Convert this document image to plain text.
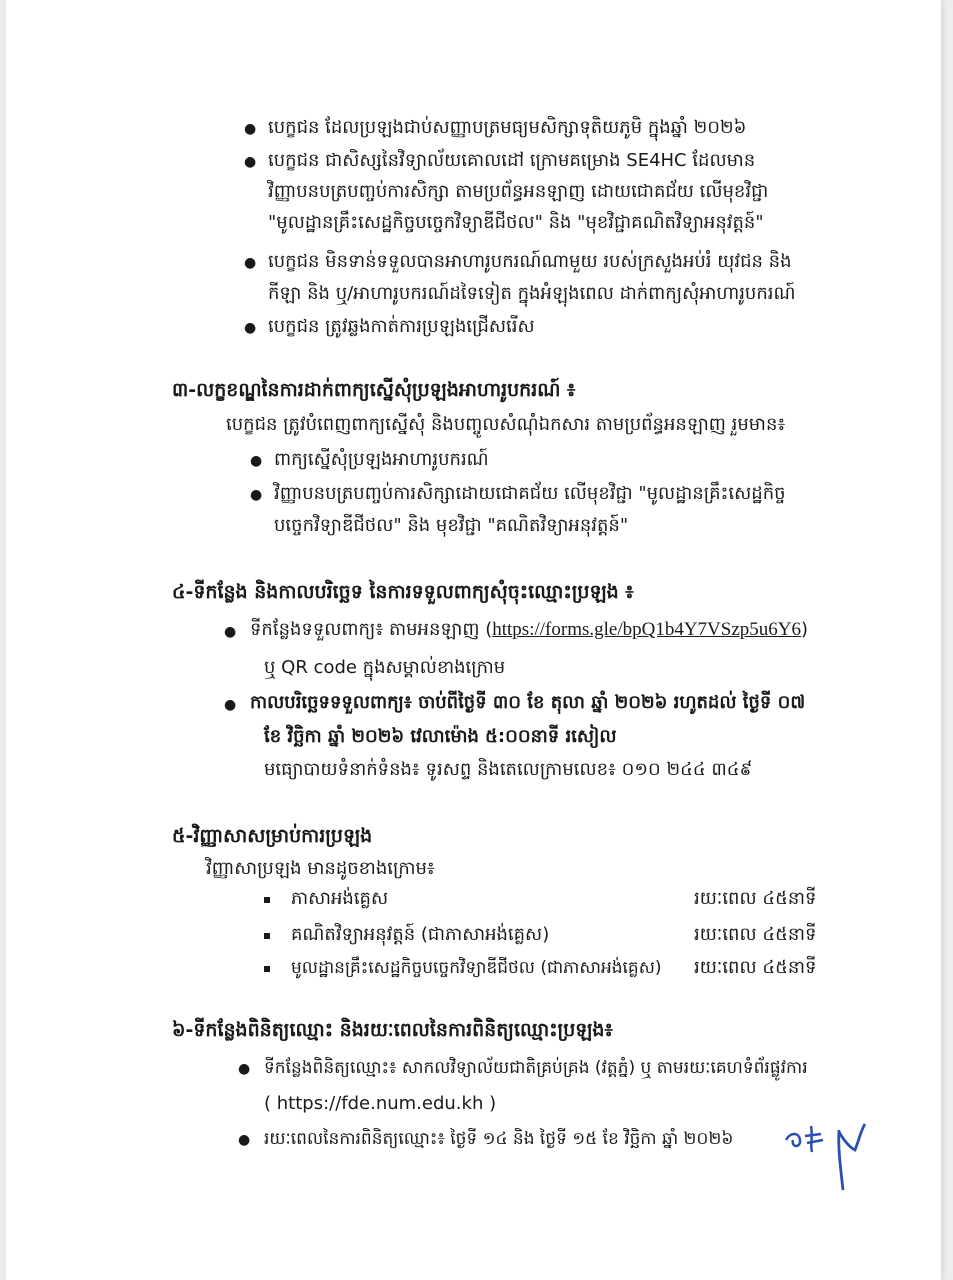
● បេក្ខជន ដែលប្រឡងជាប់សញ្ញាបត្រមធ្យមសិក្សាទុតិយភូមិ ក្នុងឆ្នាំ ២០២៦
● បេក្ខជន ជាសិស្សនៃវិទ្យាល័យគោលដៅ ក្រោមគម្រោង SE4HC ដែលមាន
វិញ្ញាបនបត្របញ្ចប់ការសិក្សា តាមប្រព័ន្ធអនឡាញ ដោយជោគជ័យ លើមុខវិជ្ជា
"មូលដ្ឋានគ្រឹះសេដ្ឋកិច្ចបច្ចេកវិទ្យាឌីជីថល" និង "មុខវិជ្ជាគណិតវិទ្យាអនុវត្តន៍"
● បេក្ខជន មិនទាន់ទទួលបានអាហារូបករណ៍ណាមួយ របស់ក្រសួងអប់រំ យុវជន និង
កីឡា និង ឬ/អាហារូបករណ៍ដទៃទៀត ក្នុងអំឡុងពេល ដាក់ពាក្យសុំអាហារូបករណ៍
● បេក្ខជន ត្រូវឆ្លងកាត់ការប្រឡងជ្រើសរើស
៣-លក្ខខណ្ឌនៃការដាក់ពាក្យស្នើសុំប្រឡងអាហារូបករណ៍ ៖
បេក្ខជន ត្រូវបំពេញពាក្យស្នើសុំ និងបញ្ចូលសំណុំឯកសារ តាមប្រព័ន្ធអនឡាញ រួមមាន៖
● ពាក្យស្នើសុំប្រឡងអាហារូបករណ៍
● វិញ្ញាបនបត្របញ្ចប់ការសិក្សាដោយជោគជ័យ លើមុខវិជ្ជា "មូលដ្ឋានគ្រឹះសេដ្ឋកិច្ច
បច្ចេកវិទ្យាឌីជីថល" និង មុខវិជ្ជា "គណិតវិទ្យាអនុវត្តន៍"
៤-ទីកន្លែង និងកាលបរិច្ឆេទ នៃការទទួលពាក្យសុំចុះឈ្មោះប្រឡង ៖
● ទីកន្លែងទទួលពាក្យ៖ តាមអនឡាញ (https://forms.gle/bpQ1b4Y7VSzp5u6Y6)
ឬ QR code ក្នុងសម្គាល់ខាងក្រោម
● កាលបរិច្ឆេទទទួលពាក្យ៖ ចាប់ពីថ្ងៃទី ៣០ ខែ តុលា ឆ្នាំ ២០២៦ រហូតដល់ ថ្ងៃទី ០៧
ខែ វិច្ឆិកា ឆ្នាំ ២០២៦ វេលាម៉ោង ៥:០០នាទី រសៀល
មធ្យោបាយទំនាក់ទំនង៖ ទូរសព្ទ និងតេលេក្រាមលេខ៖ ០១០ ២៤៤ ៣៤៩
៥-វិញ្ញាសាសម្រាប់ការប្រឡង
វិញ្ញាសាប្រឡង មានដូចខាងក្រោម៖
ភាសាអង់គ្លេស	រយៈពេល ៤៥នាទី
គណិតវិទ្យាអនុវត្តន៍ (ជាភាសាអង់គ្លេស)	រយៈពេល ៤៥នាទី
មូលដ្ឋានគ្រឹះសេដ្ឋកិច្ចបច្ចេកវិទ្យាឌីជីថល (ជាភាសាអង់គ្លេស) រយៈពេល ៤៥នាទី
៦-ទីកន្លែងពិនិត្យឈ្មោះ និងរយៈពេលនៃការពិនិត្យឈ្មោះប្រឡង៖
● ទីកន្លែងពិនិត្យឈ្មោះ៖ សាកលវិទ្យាល័យជាតិគ្រប់គ្រង (វត្តភ្នំ) ឬ តាមរយៈគេហទំព័រផ្លូវការ
( https://fde.num.edu.kh )
● រយៈពេលនៃការពិនិត្យឈ្មោះ៖ ថ្ងៃទី ១៤ និង ថ្ងៃទី ១៥ ខែ វិច្ឆិកា ឆ្នាំ ២០២៦
